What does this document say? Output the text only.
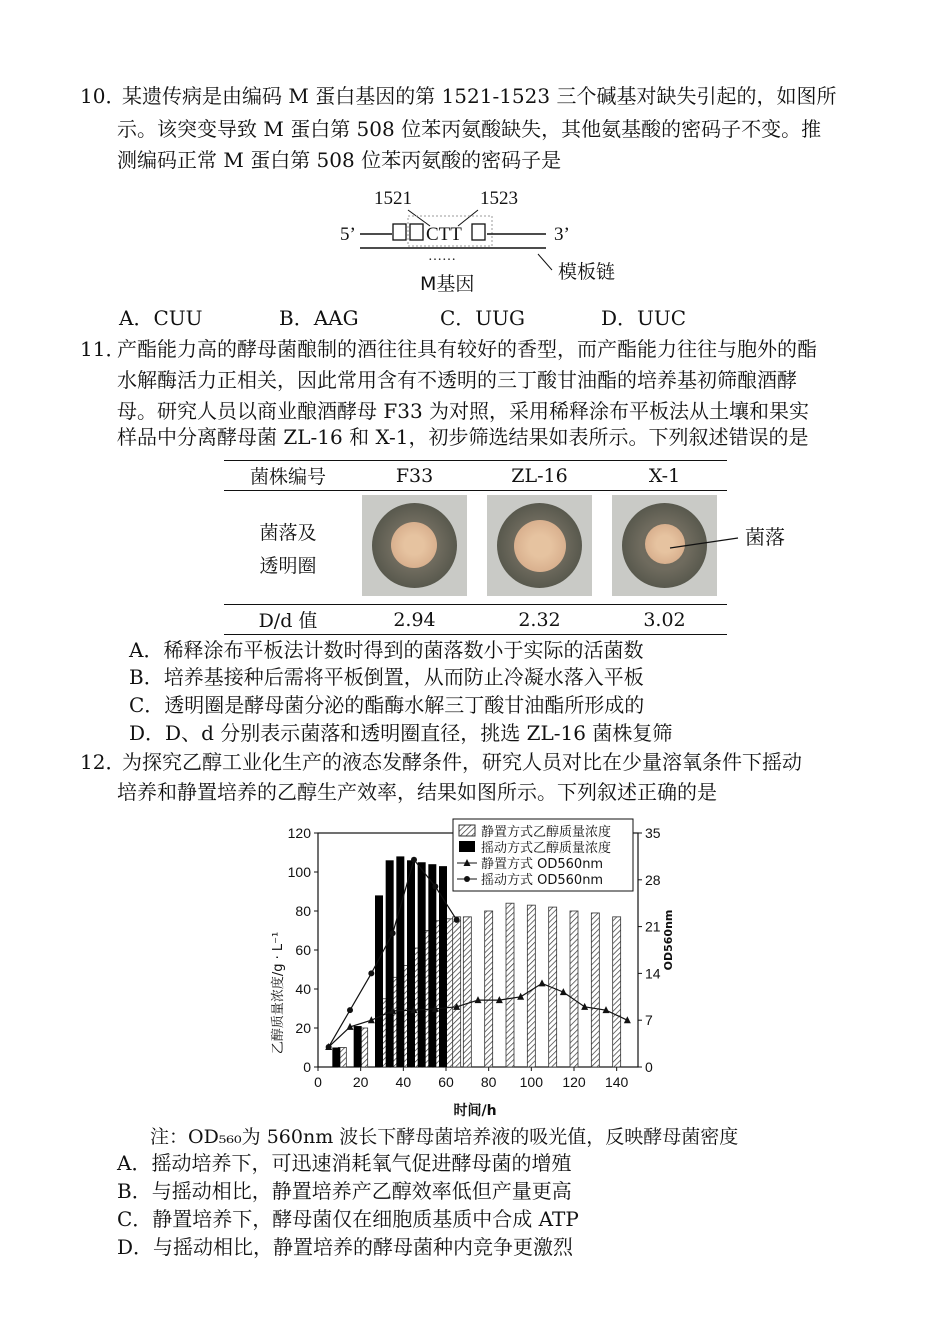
10．
某遗传病是由编码 M 蛋白基因的第 1521-1523 三个碱基对缺失引起的，如图所
示。该突变导致 M 蛋白第 508 位苯丙氨酸缺失，其他氨基酸的密码子不变。推
测编码正常 M 蛋白第 508 位苯丙氨酸的密码子是
1521	1523
5’	CTT	3’
……
模板链
M基因
A．CUU	B．AAG	C．UUG	D．UUC
11．
产酯能力高的酵母菌酿制的酒往往具有较好的香型，而产酯能力往往与胞外的酯
水解酶活力正相关，因此常用含有不透明的三丁酸甘油酯的培养基初筛酿酒酵
母。研究人员以商业酿酒酵母 F33 为对照，采用稀释涂布平板法从土壤和果实
样品中分离酵母菌 ZL-16 和 X-1，初步筛选结果如表所示。下列叙述错误的是
菌株编号	F33	ZL-16	X-1

菌落及
透明圈			

D/d 值	2.94	2.32	3.02
菌落
A．稀释涂布平板法计数时得到的菌落数小于实际的活菌数
B．培养基接种后需将平板倒置，从而防止冷凝水落入平板
C．透明圈是酵母菌分泌的酯酶水解三丁酸甘油酯所形成的
D．D、d 分别表示菌落和透明圈直径，挑选 ZL-16 菌株复筛
12．
为探究乙醇工业化生产的液态发酵条件，研究人员对比在少量溶氧条件下摇动
培养和静置培养的乙醇生产效率，结果如图所示。下列叙述正确的是
0
20
40
60
80
100
120
0
7
14
21
28
35
0 20 40 60 80 100 120 140
静置方式乙醇质量浓度
摇动方式乙醇质量浓度
静置方式 OD560nm
摇动方式 OD560nm
乙醇质量浓度/g · L⁻¹	OD560nm
时间/h
注：OD₅₆₀为 560nm 波长下酵母菌培养液的吸光值，反映酵母菌密度
A．摇动培养下，可迅速消耗氧气促进酵母菌的增殖
B．与摇动相比，静置培养产乙醇效率低但产量更高
C．静置培养下，酵母菌仅在细胞质基质中合成 ATP
D．与摇动相比，静置培养的酵母菌种内竞争更激烈
